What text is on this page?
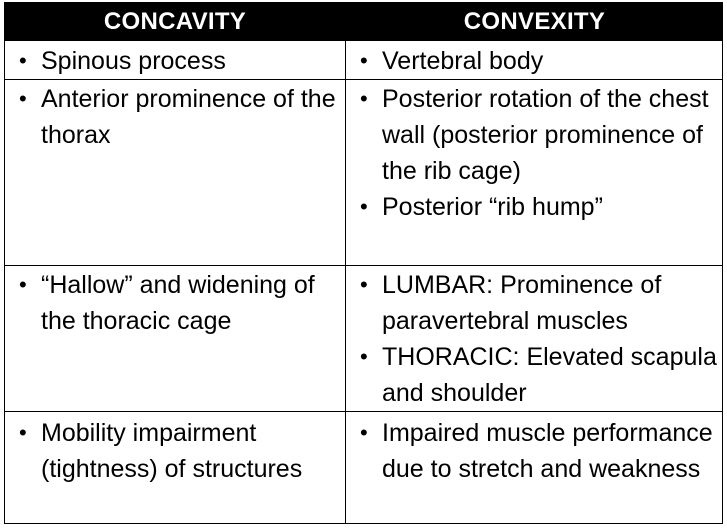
CONCAVITY	CONVEXITY
• Spinous process	• Vertebral body
• Anterior prominence of the thorax
• Posterior rotation of the chest wall (posterior prominence of the rib cage)
• Posterior “rib hump”
• “Hallow” and widening of the thoracic cage
• LUMBAR: Prominence of paravertebral muscles
• THORACIC: Elevated scapula and shoulder
• Mobility impairment (tightness) of structures
• Impaired muscle performance due to stretch and weakness
